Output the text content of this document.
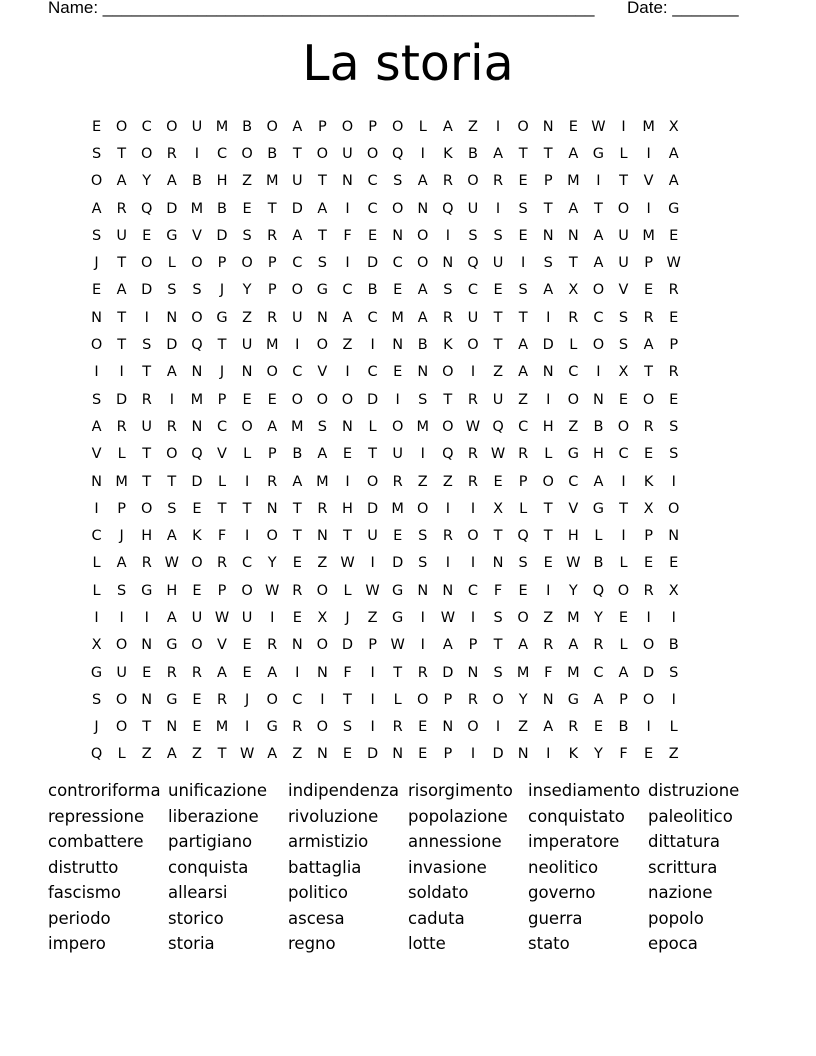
Name: ____________________________________________________ Date: _______
La storia
E	O C O U M B O A	P	O	P	O	L	A	Z	I	O N	E W	I	M X
S	T	O R	I	C O B	T	O U O Q	I	K	B	A	T	T	A	G	L	I	A
O A	Y	A	B	H	Z M U	T	N	C	S	A	R O R	E	P M	I	T	V	A
A	R Q D M B	E	T	D	A	I	C O N Q U	I	S	T	A	T	O	I	G
S	U	E	G	V	D	S	R	A	T	F	E	N O	I	S	S	E	N N	A	U M E
J	T	O	L	O	P	O	P	C	S	I	D C O N Q U	I	S	T	A	U	P W
E	A	D	S	S	J	Y	P	O G C	B	E	A	S	C	E	S	A	X O V	E	R
N	T	I	N O G	Z	R	U N	A	C M A	R	U	T	T	I	R	C	S	R	E
O	T	S	D Q	T	U M	I	O Z	I	N	B	K	O	T	A	D	L	O	S	A	P
I	I	T	A	N	J	N O C	V	I	C	E	N O	I	Z	A	N	C	I	X	T	R
S	D R	I	M P	E	E	O O O D	I	S	T	R	U	Z	I	O N	E	O	E
A	R	U	R	N	C O A M S	N	L	O M O W Q C	H	Z	B O R	S
V	L	T	O Q V	L	P	B	A	E	T	U	I	Q R W R	L	G H	C	E	S
N M T	T	D	L	I	R	A M	I	O R	Z	Z	R	E	P	O C	A	I	K	I
I	P	O	S	E	T	T	N	T	R	H D M O	I	I	X	L	T	V	G	T	X O
C	J	H	A	K	F	I	O	T	N	T	U	E	S	R O	T	Q	T	H	L	I	P	N
L	A	R W O R	C	Y	E	Z W	I	D	S	I	I	N	S	E W B	L	E	E
L	S	G H	E	P	O W R O	L W G N N	C	F	E	I	Y	Q O R	X
I	I	I	A	U W U	I	E	X	J	Z	G	I	W	I	S	O Z M Y	E	I	I
X O N G O V	E	R	N O D	P W	I	A	P	T	A	R	A	R	L	O B
G U	E	R	R	A	E	A	I	N	F	I	T	R D N	S M	F	M C	A	D	S
S	O N G	E	R	J	O C	I	T	I	L	O	P	R O	Y	N G	A	P	O	I
J	O	T	N	E M	I	G R O	S	I	R	E	N O	I	Z	A	R	E	B	I	L
Q	L	Z	A	Z	T W A	Z	N	E	D N	E	P	I	D N	I	K	Y	F	E	Z
controriforma unificazione	indipendenza risorgimento insediamento distruzione
repressione	liberazione	rivoluzione	popolazione	conquistato	paleolitico
combattere	partigiano	armistizio	annessione	imperatore	dittatura
distrutto	conquista	battaglia	invasione	neolitico	scrittura
fascismo	allearsi	politico	soldato	governo	nazione
periodo	storico	ascesa	caduta	guerra	popolo
impero	storia	regno	lotte	stato	epoca
